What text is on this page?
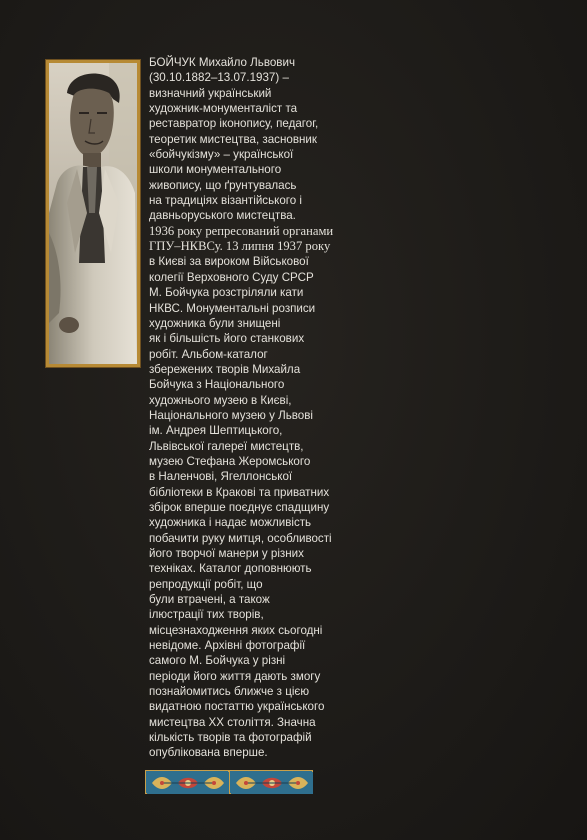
БОЙЧУК Михайло Львович
(30.10.1882–13.07.1937) –
визначний український
художник-монументаліст та
реставратор іконопису, педагог,
теоретик мистецтва, засновник
«бойчукізму» – української
школи монументального
живопису, що ґрунтувалась
на традиціях візантійського і
давньоруського мистецтва.
1936 року репресований органами
ГПУ–НКВСу. 13 липня 1937 року
в Києві за вироком Військової
колегії Верховного Суду СРСР
М. Бойчука розстріляли кати
НКВС. Монументальні розписи
художника були знищені
як і більшість його станкових
робіт. Альбом-каталог
збережених творів Михайла
Бойчука з Національного
художнього музею в Києві,
Національного музею у Львові
ім. Андрея Шептицького,
Львівської галереї мистецтв,
музею Стефана Жеромського
в Наленчові, Ягеллонської
бібліотеки в Кракові та приватних
збірок вперше поєднує спадщину
художника і надає можливість
побачити руку митця, особливості
його творчої манери у різних
техніках. Каталог доповнюють
репродукції робіт, що
були втрачені, а також
ілюстрації тих творів,
місцезнаходження яких сьогодні
невідоме. Архівні фотографії
самого М. Бойчука у різні
періоди його життя дають змогу
познайомитись ближче з цією
видатною постаттю українського
мистецтва ХХ століття. Значна
кількість творів та фотографій
опублікована вперше.
